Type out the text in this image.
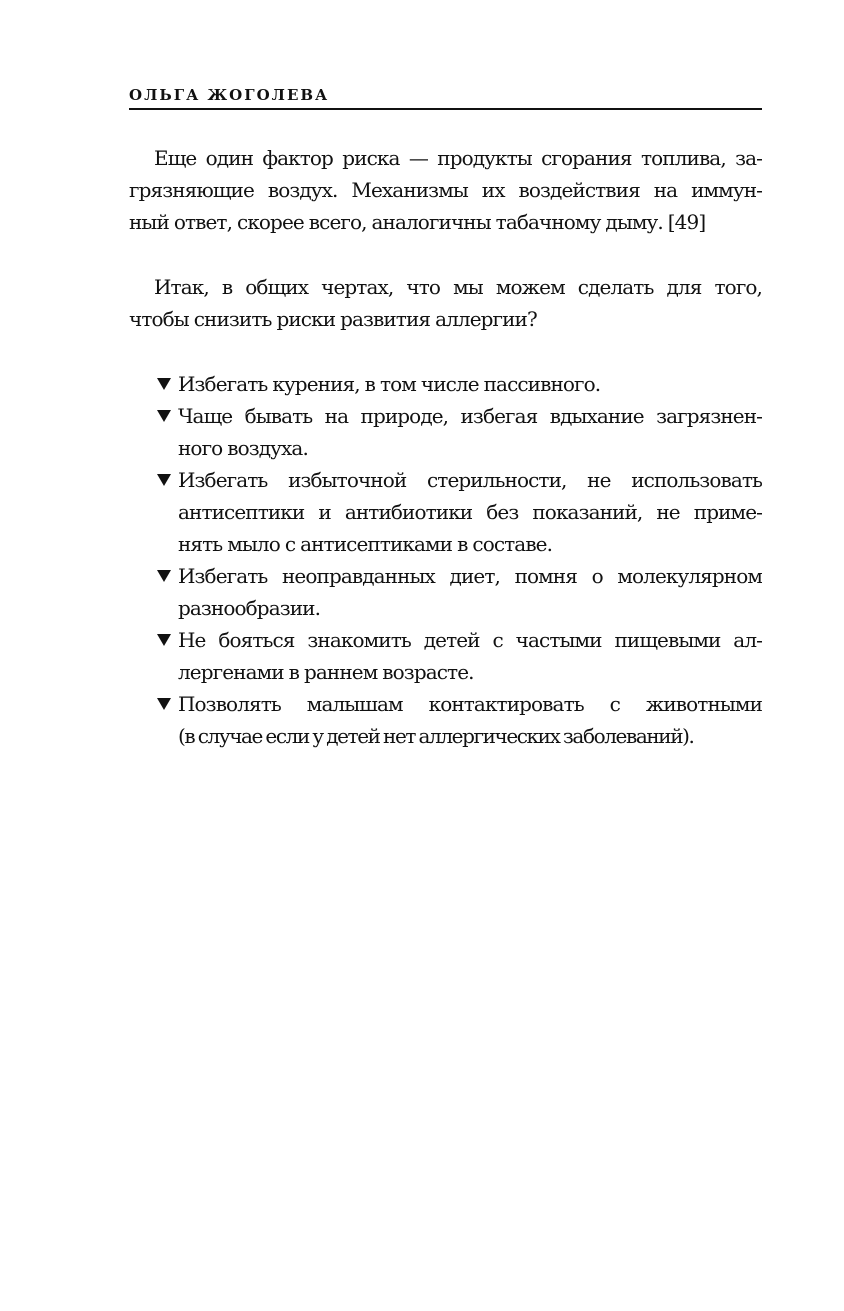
ОЛЬГА ЖОГОЛЕВА
Еще один фактор риска — продукты сгорания топлива, за-
грязняющие воздух. Механизмы их воздействия на иммун-
ный ответ, скорее всего, аналогичны табачному дыму. [49]
Итак, в общих чертах, что мы можем сделать для того,
чтобы снизить риски развития аллергии?
Избегать курения, в том числе пассивного.
Чаще бывать на природе, избегая вдыхание загрязнен-
ного воздуха.
Избегать избыточной стерильности, не использовать
антисептики и антибиотики без показаний, не приме-
нять мыло с антисептиками в составе.
Избегать неоправданных диет, помня о молекулярном
разнообразии.
Не бояться знакомить детей с частыми пищевыми ал-
лергенами в раннем возрасте.
Позволять малышам контактировать с животными
(в случае если у детей нет аллергических заболеваний).
